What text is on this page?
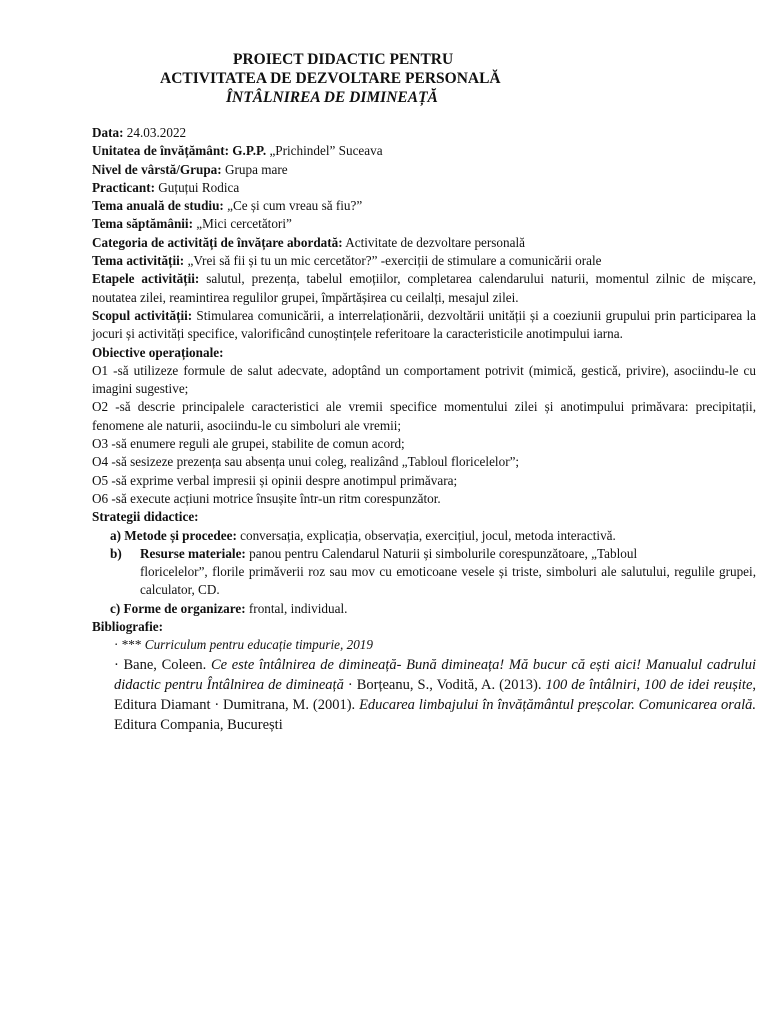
PROIECT DIDACTIC PENTRU
ACTIVITATEA DE DEZVOLTARE PERSONALĂ
ÎNTÂLNIREA DE DIMINEAȚĂ
Data: 24.03.2022
Unitatea de învățământ: G.P.P. „Prichindel” Suceava
Nivel de vârstă/Grupa: Grupa mare
Practicant: Guțuțui Rodica
Tema anuală de studiu: „Ce și cum vreau să fiu?”
Tema săptămânii: „Mici cercetători”
Categoria de activități de învățare abordată: Activitate de dezvoltare personală
Tema activității: „Vrei să fii și tu un mic cercetător?” -exerciții de stimulare a comunicării orale
Etapele activității: salutul, prezența, tabelul emoțiilor, completarea calendarului naturii, momentul zilnic de mișcare, noutatea zilei, reamintirea regulilor grupei, împărtășirea cu ceilalți, mesajul zilei.
Scopul activității: Stimularea comunicării, a interrelaționării, dezvoltării unității și a coeziunii grupului prin participarea la jocuri și activități specifice, valorificând cunoștințele referitoare la caracteristicile anotimpului iarna.
Obiective operaționale:
O1 -să utilizeze formule de salut adecvate, adoptând un comportament potrivit (mimică, gestică, privire), asociindu-le cu imagini sugestive;
O2 -să descrie principalele caracteristici ale vremii specifice momentului zilei și anotimpului primăvara: precipitații, fenomene ale naturii, asociindu-le cu simboluri ale vremii;
O3 -să enumere reguli ale grupei, stabilite de comun acord;
O4 -să sesizeze prezența sau absența unui coleg, realizând „Tabloul floricelelor”;
O5 -să exprime verbal impresii și opinii despre anotimpul primăvara;
O6 -să execute acțiuni motrice însușite într-un ritm corespunzător.
Strategii didactice:
a) Metode și procedee: conversația, explicația, observația, exercițiul, jocul, metoda interactivă.
b) Resurse materiale: panou pentru Calendarul Naturii și simbolurile corespunzătoare, „Tabloul
floricelelor”, florile primăverii roz sau mov cu emoticoane vesele și triste, simboluri ale salutului, regulile grupei, calculator, CD.
c) Forme de organizare: frontal, individual.
Bibliografie:
· *** Curriculum pentru educație timpurie, 2019
· Bane, Coleen. Ce este întâlnirea de dimineață- Bună dimineața! Mă bucur că ești aici! Manualul cadrului didactic pentru Întâlnirea de dimineață · Borțeanu, S., Vodită, A. (2013). 100 de întâlniri, 100 de idei reușite, Editura Diamant · Dumitrana, M. (2001). Educarea limbajului în învățământul preșcolar. Comunicarea orală. Editura Compania, București
